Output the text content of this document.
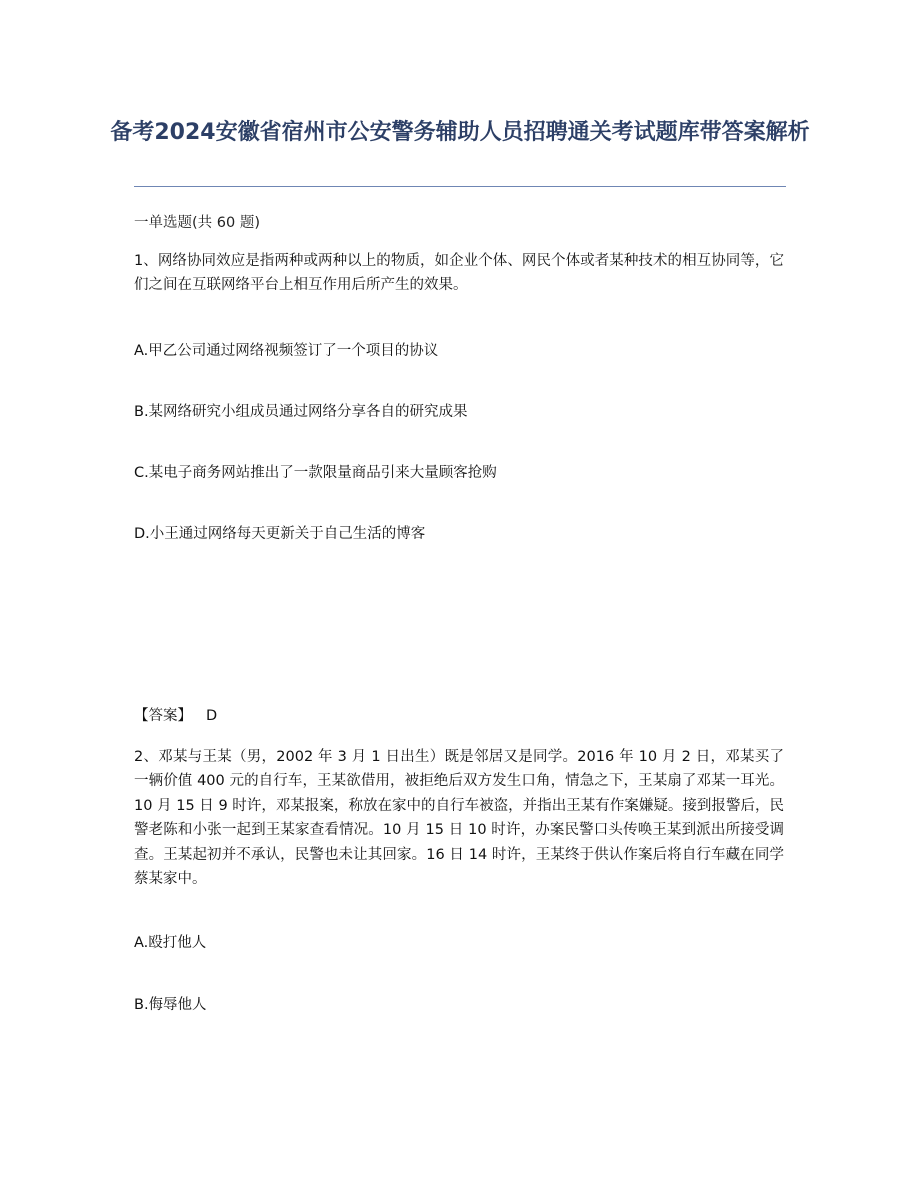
备考2024安徽省宿州市公安警务辅助人员招聘通关考试题库带答案解析
一单选题(共 60 题)

1、网络协同效应是指两种或两种以上的物质，如企业个体、网民个体或者某种技术的相互协同等，它们之间在互联网络平台上相互作用后所产生的效果。

A.甲乙公司通过网络视频签订了一个项目的协议
B.某网络研究小组成员通过网络分享各自的研究成果
C.某电子商务网站推出了一款限量商品引来大量顾客抢购
D.小王通过网络每天更新关于自己生活的博客
【答案】 D

2、邓某与王某（男，2002 年 3 月 1 日出生）既是邻居又是同学。2016 年 10 月 2 日，邓某买了一辆价值 400 元的自行车，王某欲借用，被拒绝后双方发生口角，情急之下，王某扇了邓某一耳光。10 月 15 日 9 时许，邓某报案，称放在家中的自行车被盗，并指出王某有作案嫌疑。接到报警后，民警老陈和小张一起到王某家查看情况。10 月 15 日 10 时许，办案民警口头传唤王某到派出所接受调查。王某起初并不承认，民警也未让其回家。16 日 14 时许，王某终于供认作案后将自行车藏在同学蔡某家中。

A.殴打他人
B.侮辱他人
